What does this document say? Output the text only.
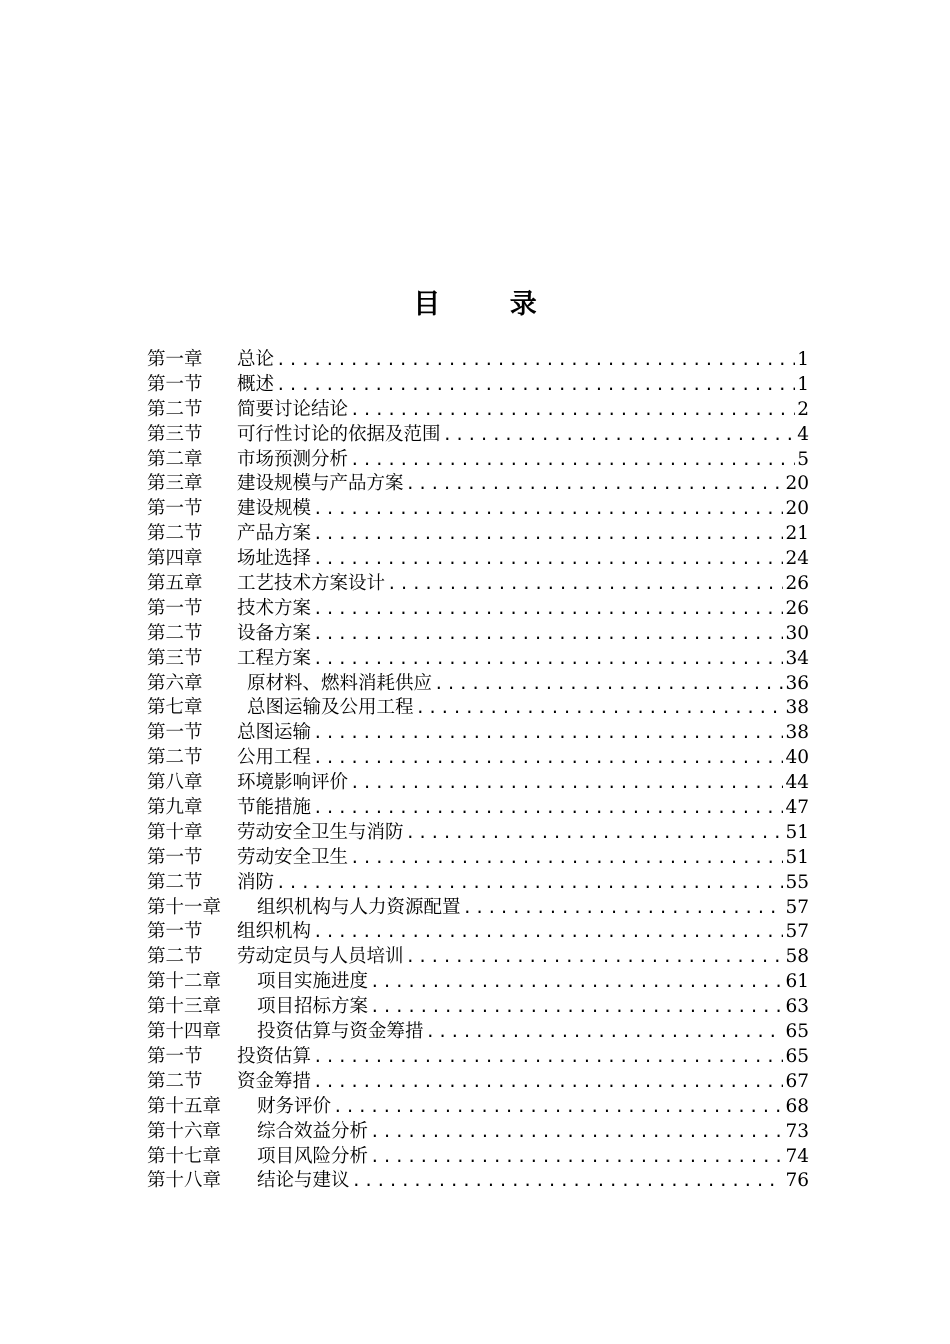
目 录
第一章	总论 .....	1
第一节	概述 .....	1
第二节	简要讨论结论 .....	2
第三节	可行性讨论的依据及范围 .....	4
第二章	市场预测分析 .....	5
第三章	建设规模与产品方案 .....	20
第一节	建设规模 .....	20
第二节	产品方案 .....	21
第四章	场址选择 .....	24
第五章	工艺技术方案设计 .....	26
第一节	技术方案 .....	26
第二节	设备方案 .....	30
第三节	工程方案 .....	34
第六章	原材料、燃料消耗供应 .....	36
第七章	总图运输及公用工程 .....	38
第一节	总图运输 .....	38
第二节	公用工程 .....	40
第八章	环境影响评价 .....	44
第九章	节能措施 .....	47
第十章	劳动安全卫生与消防 .....	51
第一节	劳动安全卫生 .....	51
第二节	消防 .....	55
第十一章	组织机构与人力资源配置 .....	57
第一节	组织机构 .....	57
第二节	劳动定员与人员培训 .....	58
第十二章	项目实施进度 .....	61
第十三章	项目招标方案 .....	63
第十四章	投资估算与资金筹措 .....	65
第一节	投资估算 .....	65
第二节	资金筹措 .....	67
第十五章	财务评价 .....	68
第十六章	综合效益分析 .....	73
第十七章	项目风险分析 .....	74
第十八章	结论与建议 .....	76
